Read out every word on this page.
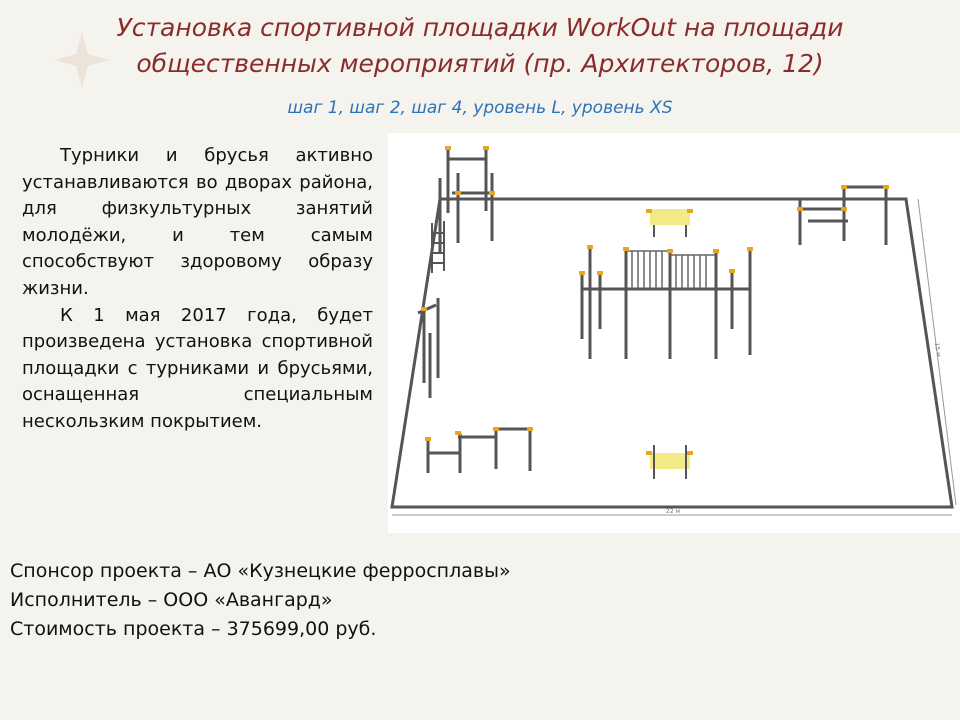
Установка спортивной площадки WorkOut на площади общественных мероприятий (пр. Архитекторов, 12)
шаг 1, шаг 2, шаг 4, уровень L, уровень XS

Турники и брусья активно устанавливаются во дворах района, для физкультурных занятий молодёжи, и тем самым способствуют здоровому образу жизни.

К 1 мая 2017 года, будет произведена установка спортивной площадки с турниками и брусьями, оснащенная специальным нескользким покрытием.

15 м
22 м
Спонсор проекта – АО «Кузнецкие ферросплавы»
Исполнитель – ООО «Авангард»
Стоимость проекта – 375699,00 руб.
